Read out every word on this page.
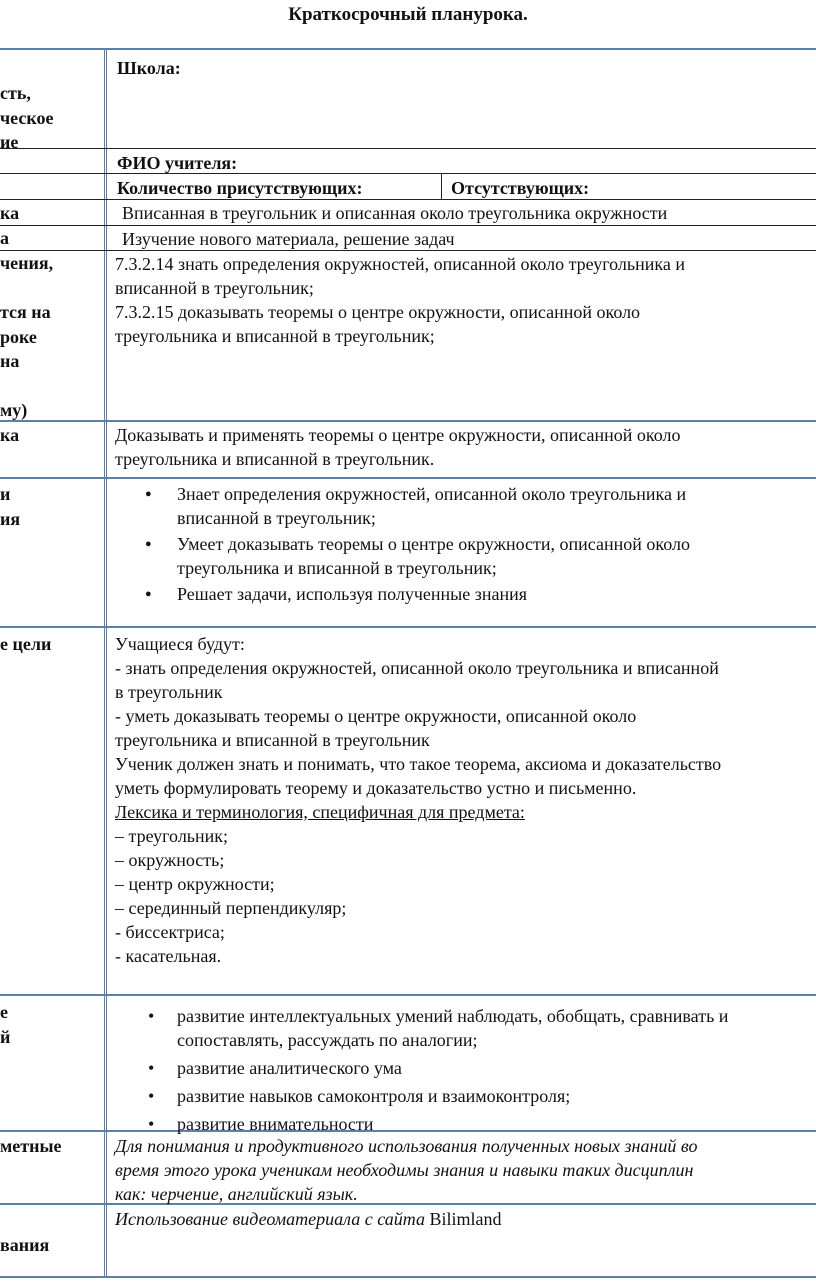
Краткосрочный планурока.
сть,
ческое
ие
ка
а
чения,
тся на
роке
на
му)
ка
и
ия
е цели
е
й
метные
вания
Школа:
ФИО учителя:
Количество присутствующих:	Отсутствующих:
Вписанная в треугольник и описанная около треугольника окружности
Изучение нового материала, решение задач
7.3.2.14 знать определения окружностей, описанной около треугольника и
вписанной в треугольник;
7.3.2.15 доказывать теоремы о центре окружности, описанной около
треугольника и вписанной в треугольник;
Доказывать и применять теоремы о центре окружности, описанной около
треугольника и вписанной в треугольник.
● Знает определения окружностей, описанной около треугольника и
вписанной в треугольник;
● Умеет доказывать теоремы о центре окружности, описанной около
треугольника и вписанной в треугольник;
● Решает задачи, используя полученные знания
Учащиеся будут:
- знать определения окружностей, описанной около треугольника и вписанной
в треугольник
- уметь доказывать теоремы о центре окружности, описанной около
треугольника и вписанной в треугольник
Ученик должен знать и понимать, что такое теорема, аксиома и доказательство
уметь формулировать теорему и доказательство устно и письменно.
Лексика и терминология, специфичная для предмета:
– треугольник;
– окружность;
– центр окружности;
– серединный перпендикуляр;
- биссектриса;
- касательная.
• развитие интеллектуальных умений наблюдать, обобщать, сравнивать и
сопоставлять, рассуждать по аналогии;
• развитие аналитического ума
• развитие навыков самоконтроля и взаимоконтроля;
• развитие внимательности
Для понимания и продуктивного использования полученных новых знаний во
время этого урока ученикам необходимы знания и навыки таких дисциплин
как: черчение, английский язык.
Использование видеоматериала с сайта Bilimland
